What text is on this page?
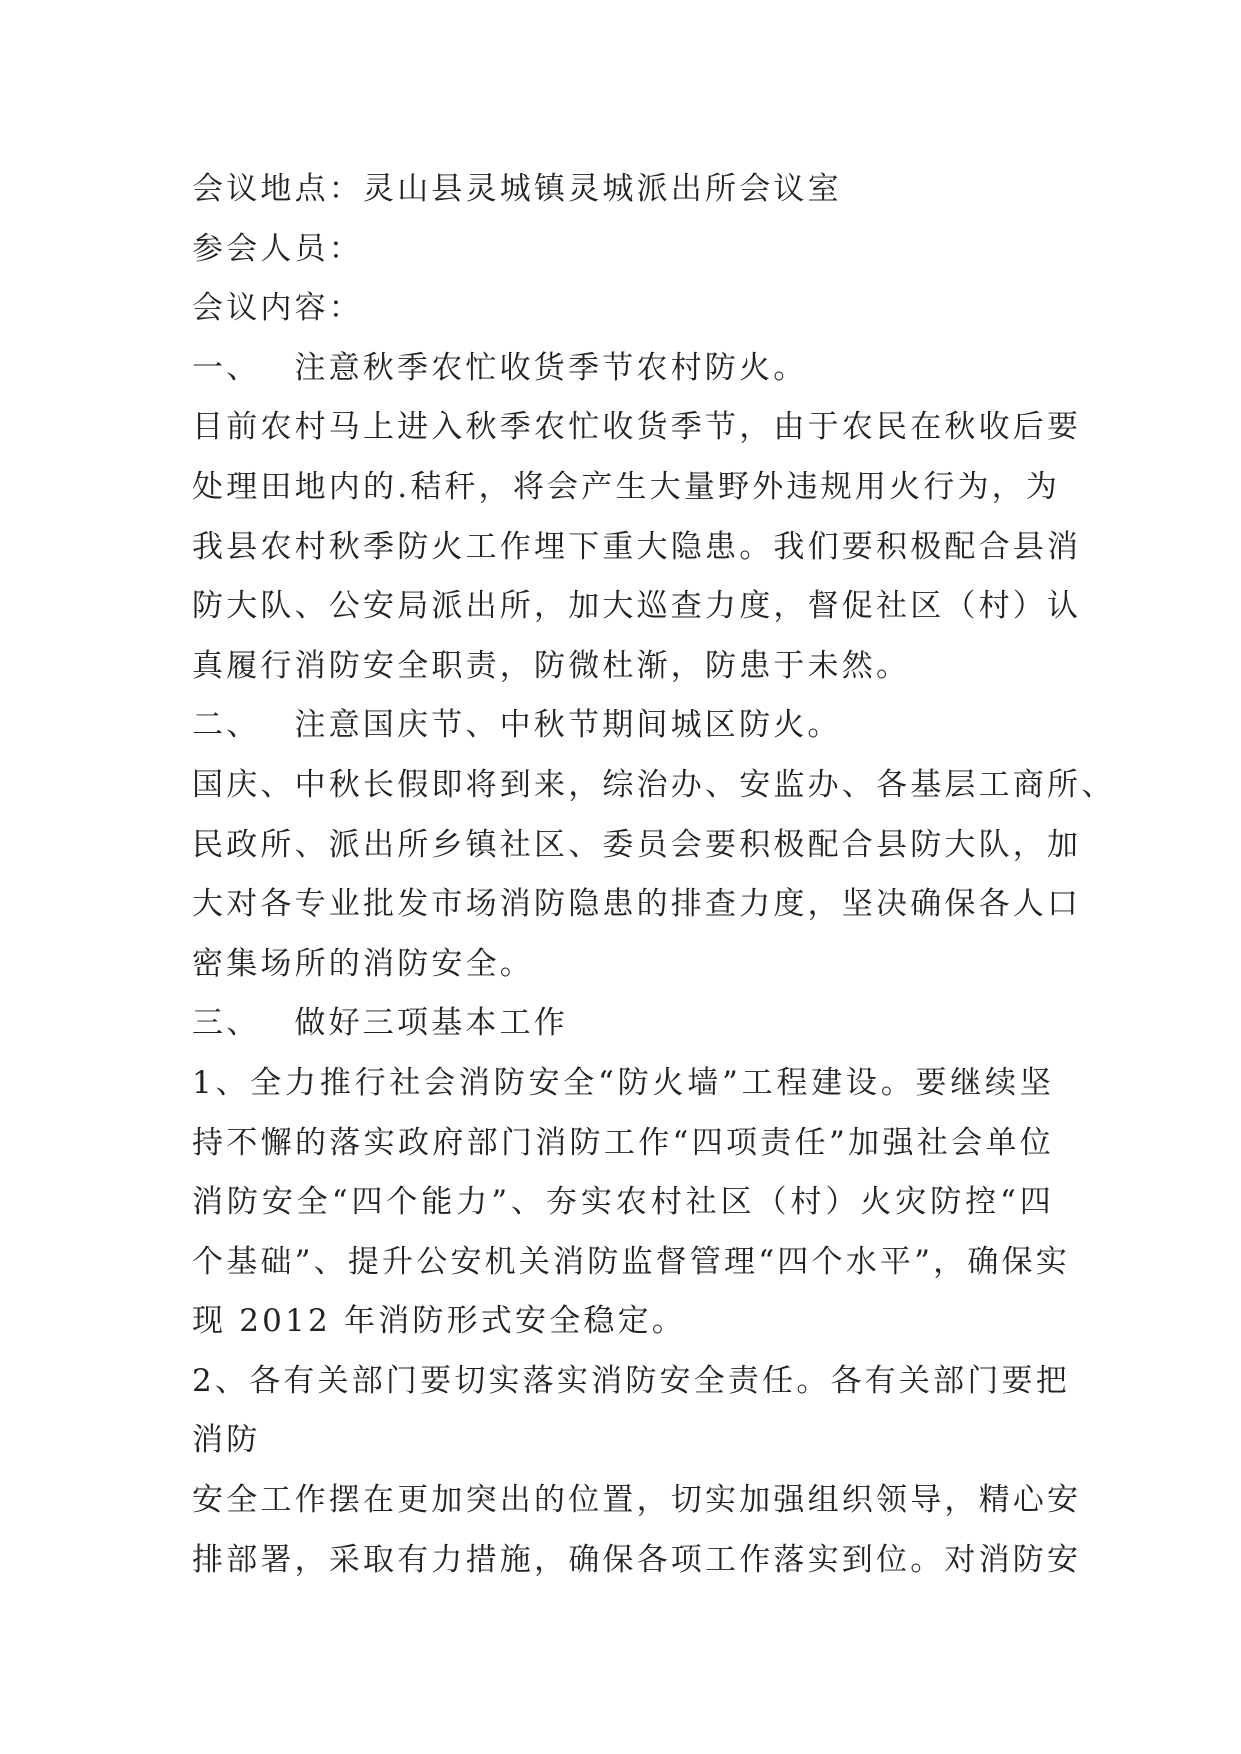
会议地点：灵山县灵城镇灵城派出所会议室
参会人员：
会议内容：
一、 注意秋季农忙收货季节农村防火。
目前农村马上进入秋季农忙收货季节，由于农民在秋收后要
处理田地内的.秸秆，将会产生大量野外违规用火行为，为
我县农村秋季防火工作埋下重大隐患。我们要积极配合县消
防大队、公安局派出所，加大巡查力度，督促社区（村）认
真履行消防安全职责，防微杜渐，防患于未然。
二、 注意国庆节、中秋节期间城区防火。
国庆、中秋长假即将到来，综治办、安监办、各基层工商所、
民政所、派出所乡镇社区、委员会要积极配合县防大队，加
大对各专业批发市场消防隐患的排查力度，坚决确保各人口
密集场所的消防安全。
三、 做好三项基本工作
1、全力推行社会消防安全“防火墙”工程建设。要继续坚
持不懈的落实政府部门消防工作“四项责任”加强社会单位
消防安全“四个能力”、夯实农村社区（村）火灾防控“四
个基础”、提升公安机关消防监督管理“四个水平”，确保实
现 2012 年消防形式安全稳定。
2、各有关部门要切实落实消防安全责任。各有关部门要把
消防
安全工作摆在更加突出的位置，切实加强组织领导，精心安
排部署，采取有力措施，确保各项工作落实到位。对消防安
